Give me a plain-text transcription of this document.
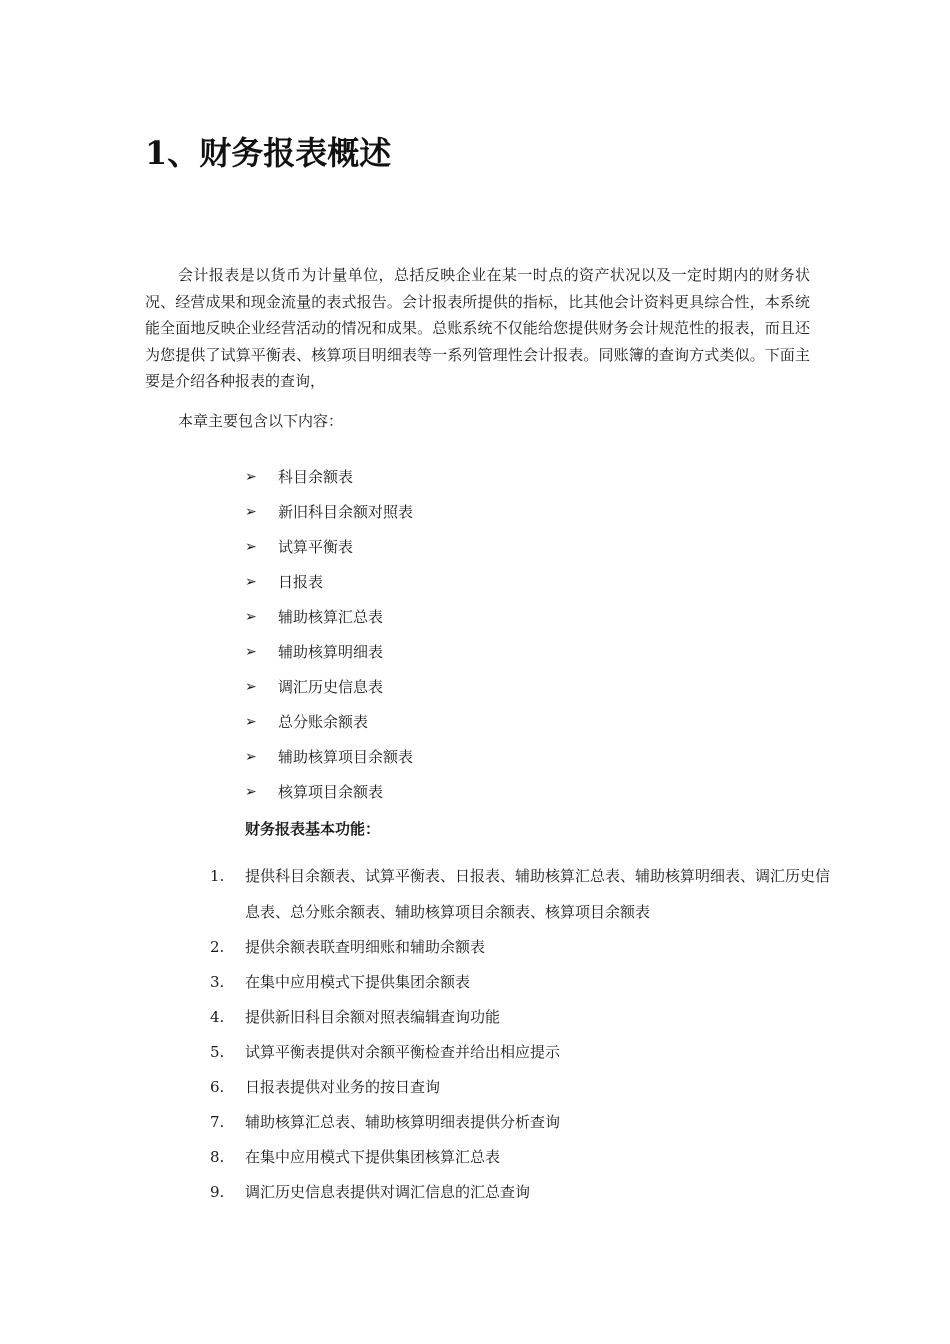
1、财务报表概述
会计报表是以货币为计量单位，总括反映企业在某一时点的资产状况以及一定时期内的财务状况、经营成果和现金流量的表式报告。会计报表所提供的指标，比其他会计资料更具综合性，本系统能全面地反映企业经营活动的情况和成果。总账系统不仅能给您提供财务会计规范性的报表，而且还为您提供了试算平衡表、核算项目明细表等一系列管理性会计报表。同账簿的查询方式类似。下面主要是介绍各种报表的查询，
本章主要包含以下内容：
➢	科目余额表
➢	新旧科目余额对照表
➢	试算平衡表
➢	日报表
➢	辅助核算汇总表
➢	辅助核算明细表
➢	调汇历史信息表
➢	总分账余额表
➢	辅助核算项目余额表
➢	核算项目余额表
财务报表基本功能：
1.	提供科目余额表、试算平衡表、日报表、辅助核算汇总表、辅助核算明细表、调汇历史信息表、总分账余额表、辅助核算项目余额表、核算项目余额表
2.	提供余额表联查明细账和辅助余额表
3.	在集中应用模式下提供集团余额表
4.	提供新旧科目余额对照表编辑查询功能
5.	试算平衡表提供对余额平衡检查并给出相应提示
6.	日报表提供对业务的按日查询
7.	辅助核算汇总表、辅助核算明细表提供分析查询
8.	在集中应用模式下提供集团核算汇总表
9.	调汇历史信息表提供对调汇信息的汇总查询
